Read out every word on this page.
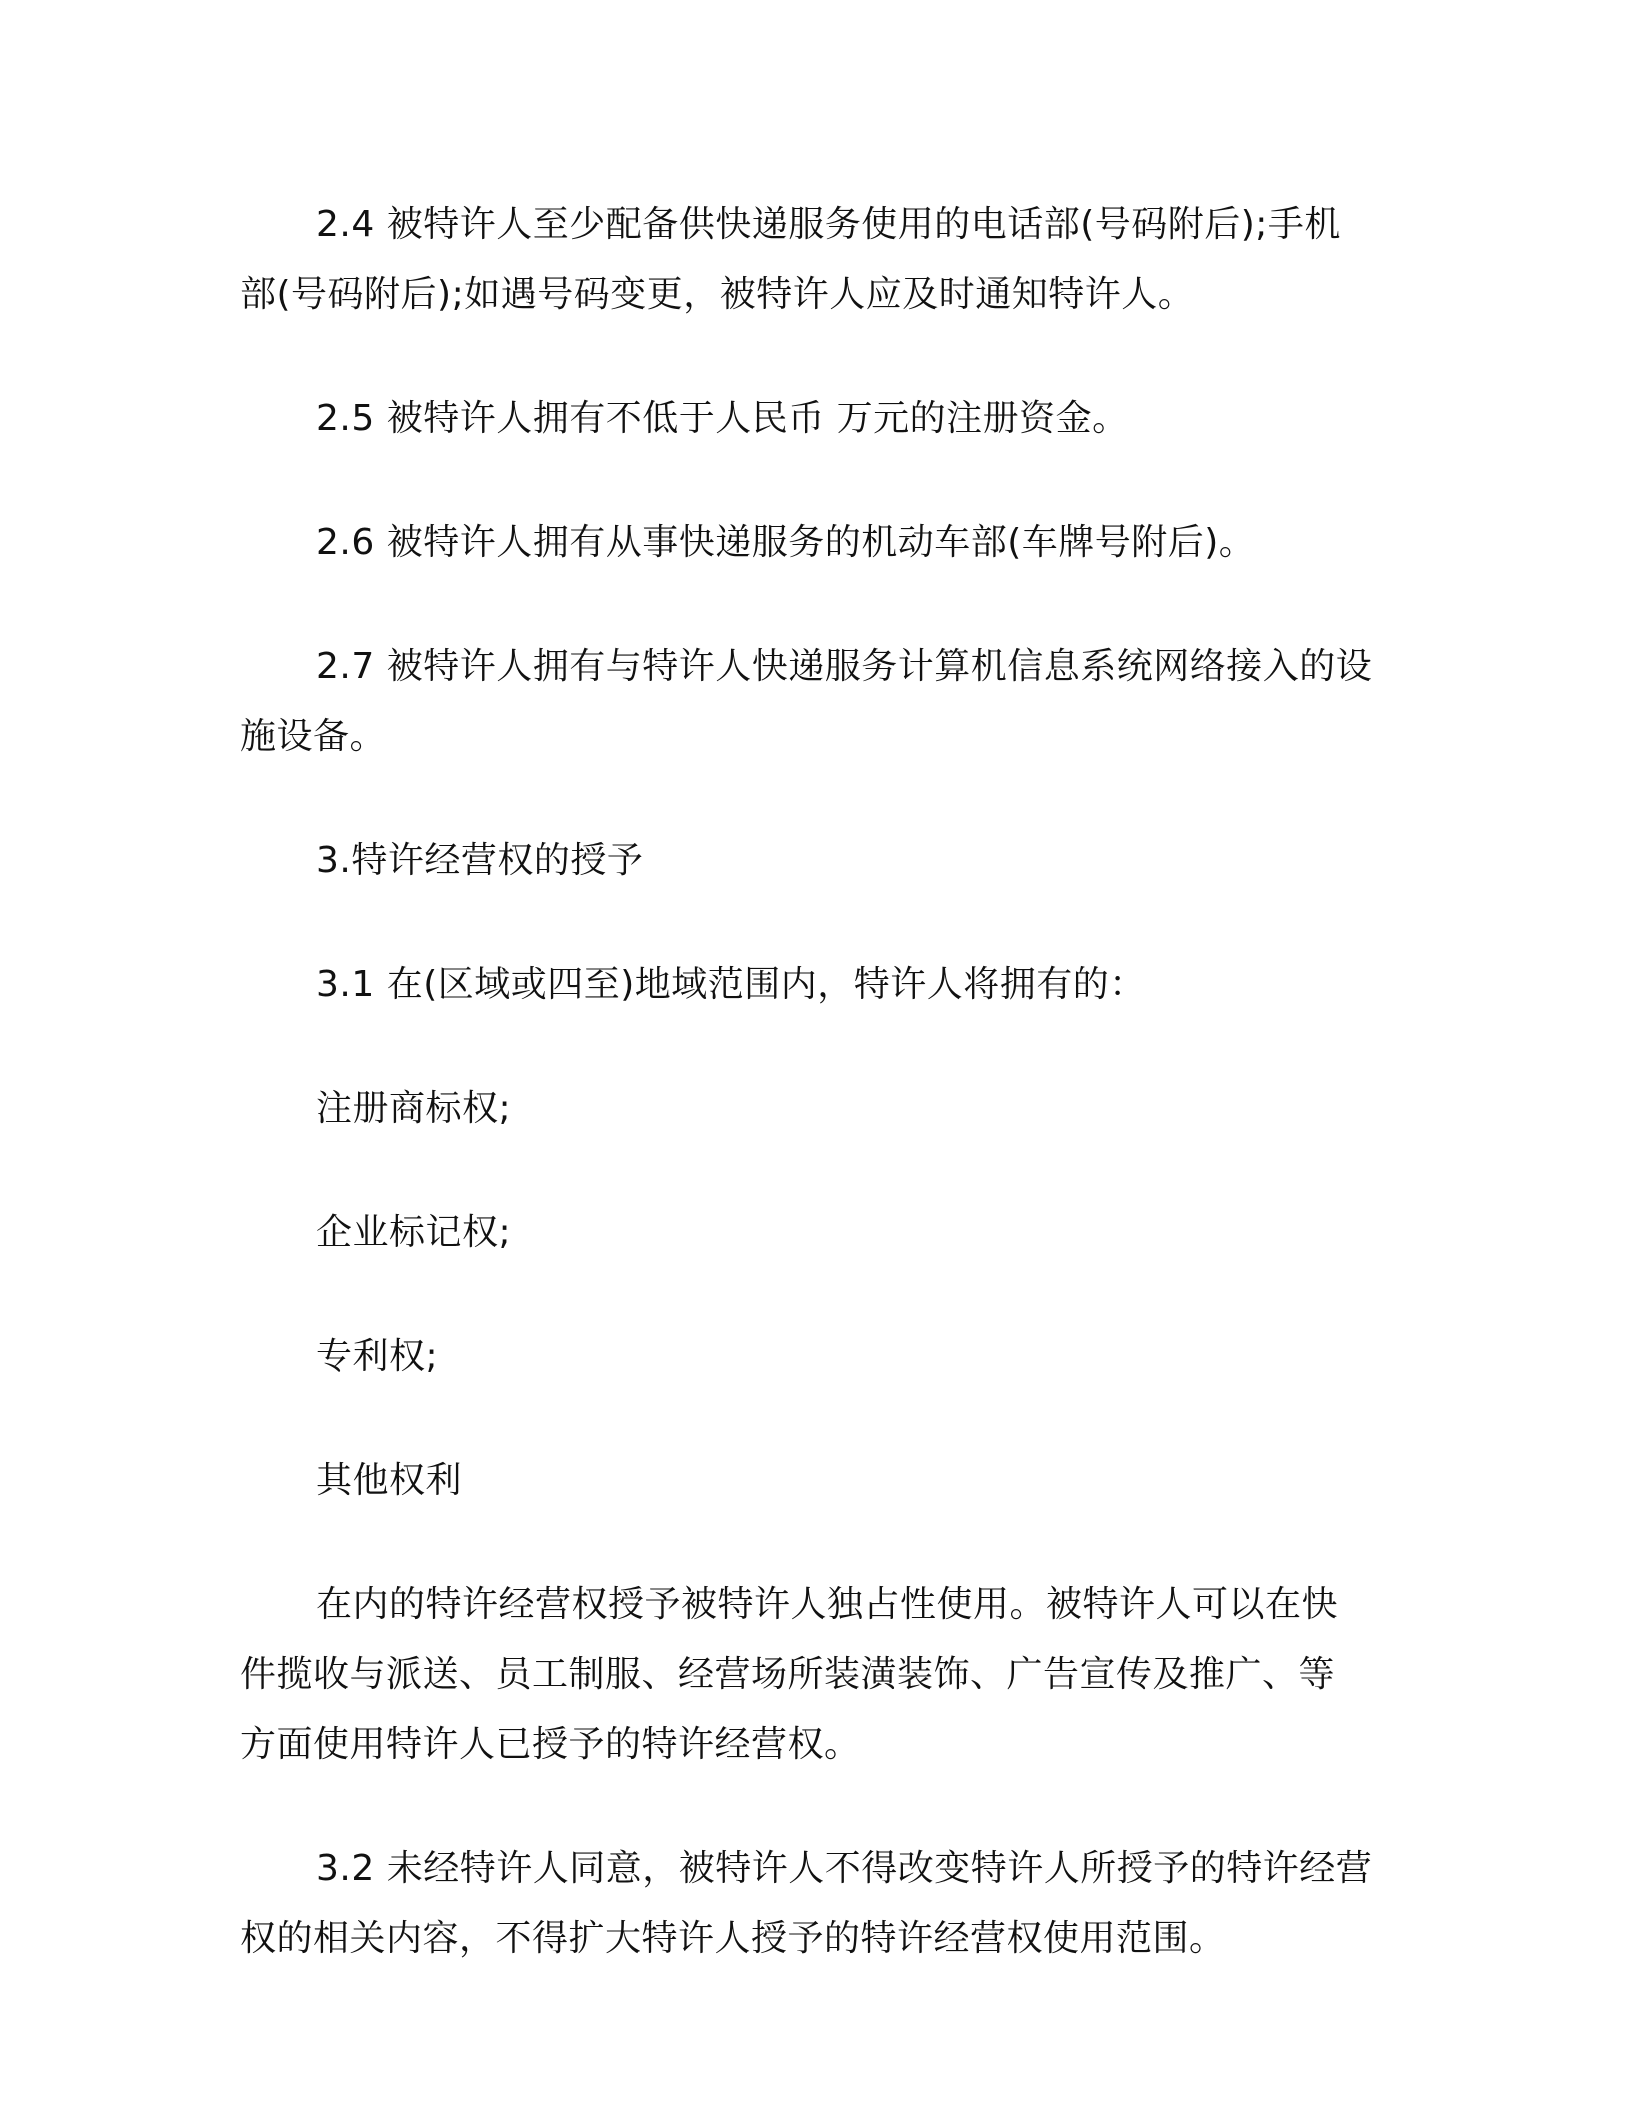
2.4 被特许人至少配备供快递服务使用的电话部(号码附后);手机
部(号码附后);如遇号码变更，被特许人应及时通知特许人。

2.5 被特许人拥有不低于人民币 万元的注册资金。

2.6 被特许人拥有从事快递服务的机动车部(车牌号附后)。

2.7 被特许人拥有与特许人快递服务计算机信息系统网络接入的设
施设备。

3.特许经营权的授予

3.1 在(区域或四至)地域范围内，特许人将拥有的：

注册商标权;

企业标记权;

专利权;

其他权利

在内的特许经营权授予被特许人独占性使用。被特许人可以在快
件揽收与派送、员工制服、经营场所装潢装饰、广告宣传及推广、等
方面使用特许人已授予的特许经营权。

3.2 未经特许人同意，被特许人不得改变特许人所授予的特许经营
权的相关内容，不得扩大特许人授予的特许经营权使用范围。
